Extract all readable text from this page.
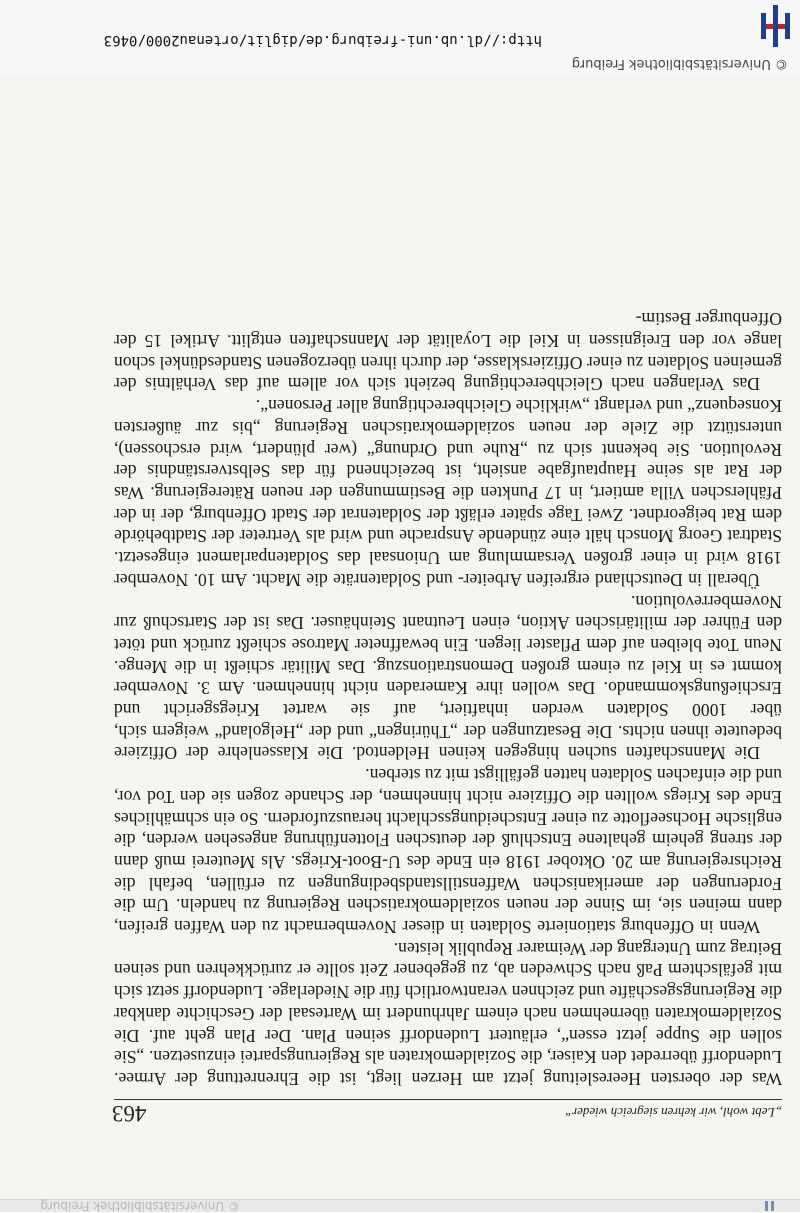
© Universitätsbibliothek Freiburg
„Lebt wohl, wir kehren siegreich wieder“
463

Was der obersten Heeresleitung jetzt am Herzen liegt, ist die Ehrenrettung der Armee. Ludendorff überredet den Kaiser, die Sozialdemokraten als Regierungspartei einzusetzen. „Sie sollen die Suppe jetzt essen“, erläutert Ludendorff seinen Plan. Der Plan geht auf. Die Sozialdemokraten übernehmen nach einem Jahrhundert im Wartesaal der Geschichte dankbar die Regierungsgeschäfte und zeichnen verantwortlich für die Niederlage. Ludendorff setzt sich mit gefälschtem Paß nach Schweden ab, zu gegebener Zeit sollte er zurückkehren und seinen Beitrag zum Untergang der Weimarer Republik leisten.

Wenn in Offenburg stationierte Soldaten in dieser Novembernacht zu den Waffen greifen, dann meinen sie, im Sinne der neuen sozialdemokratischen Regierung zu handeln. Um die Forderungen der amerikanischen Waffenstillstandsbedingungen zu erfüllen, befahl die Reichsregierung am 20. Oktober 1918 ein Ende des U-Boot-Kriegs. Als Meuterei muß dann der streng geheim gehaltene Entschluß der deutschen Flottenführung angesehen werden, die englische Hochseeflotte zu einer Entscheidungsschlacht herauszufordern. So ein schmähliches Ende des Kriegs wollten die Offiziere nicht hinnehmen, der Schande zogen sie den Tod vor, und die einfachen Soldaten hatten gefälligst mit zu sterben.

Die Mannschaften suchen hingegen keinen Heldentod. Die Klassenlehre der Offiziere bedeutete ihnen nichts. Die Besatzungen der „Thüringen“ und der „Helgoland“ weigern sich, über 1000 Soldaten werden inhaftiert, auf sie wartet Kriegsgericht und Erschießungskommando. Das wollen ihre Kameraden nicht hinnehmen. Am 3. November kommt es in Kiel zu einem großen Demonstrationszug. Das Militär schießt in die Menge. Neun Tote bleiben auf dem Pflaster liegen. Ein bewaffneter Matrose schießt zurück und tötet den Führer der militärischen Aktion, einen Leutnant Steinhäuser. Das ist der Startschuß zur Novemberrevolution.

Überall in Deutschland ergreifen Arbeiter- und Soldatenräte die Macht. Am 10. November 1918 wird in einer großen Versammlung am Unionsaal das Soldatenparlament eingesetzt. Stadtrat Georg Monsch hält eine zündende Ansprache und wird als Vertreter der Stadtbehörde dem Rat beigeordnet. Zwei Tage später erläßt der Soldatenrat der Stadt Offenburg, der in der Pfählerschen Villa amtiert, in 17 Punkten die Bestimmungen der neuen Räteregierung. Was der Rat als seine Hauptaufgabe ansieht, ist bezeichnend für das Selbstverständnis der Revolution. Sie bekennt sich zu „Ruhe und Ordnung“ (wer plündert, wird erschossen), unterstützt die Ziele der neuen sozialdemokratischen Regierung „bis zur äußersten Konsequenz“ und verlangt „wirkliche Gleichberechtigung aller Personen“.

Das Verlangen nach Gleichberechtigung bezieht sich vor allem auf das Verhältnis der gemeinen Soldaten zu einer Offiziersklasse, der durch ihren überzogenen Standesdünkel schon lange vor den Ereignissen in Kiel die Loyalität der Mannschaften entglitt. Artikel 15 der Offenburger Bestim-

© Universitätsbibliothek Freiburg
http://dl.ub.uni-freiburg.de/diglit/ortenau2000/0463
